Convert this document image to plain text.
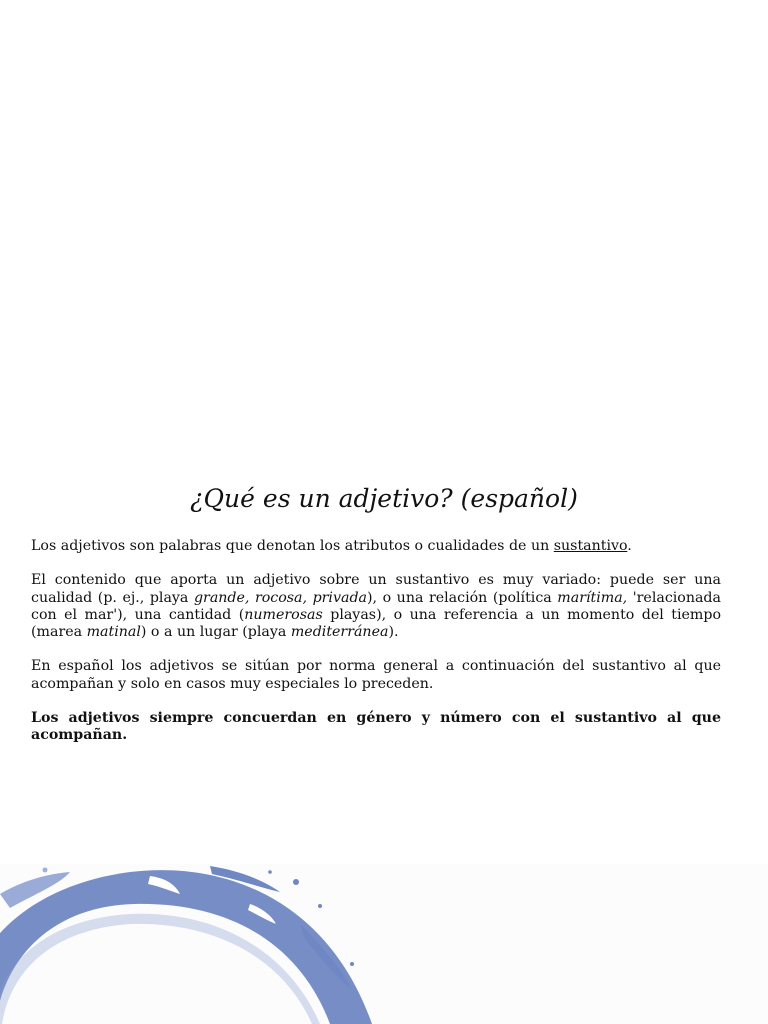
¿Qué es un adjetivo? (español)

Los adjetivos son palabras que denotan los atributos o cualidades de un sustantivo.

El contenido que aporta un adjetivo sobre un sustantivo es muy variado: puede ser una cualidad (p. ej., playa grande, rocosa, privada), o una relación (política marítima, 'relacionada con el mar'), una cantidad (numerosas playas), o una referencia a un momento del tiempo (marea matinal) o a un lugar (playa mediterránea).

En español los adjetivos se sitúan por norma general a continuación del sustantivo al que acompañan y solo en casos muy especiales lo preceden.

Los adjetivos siempre concuerdan en género y número con el sustantivo al que acompañan.
